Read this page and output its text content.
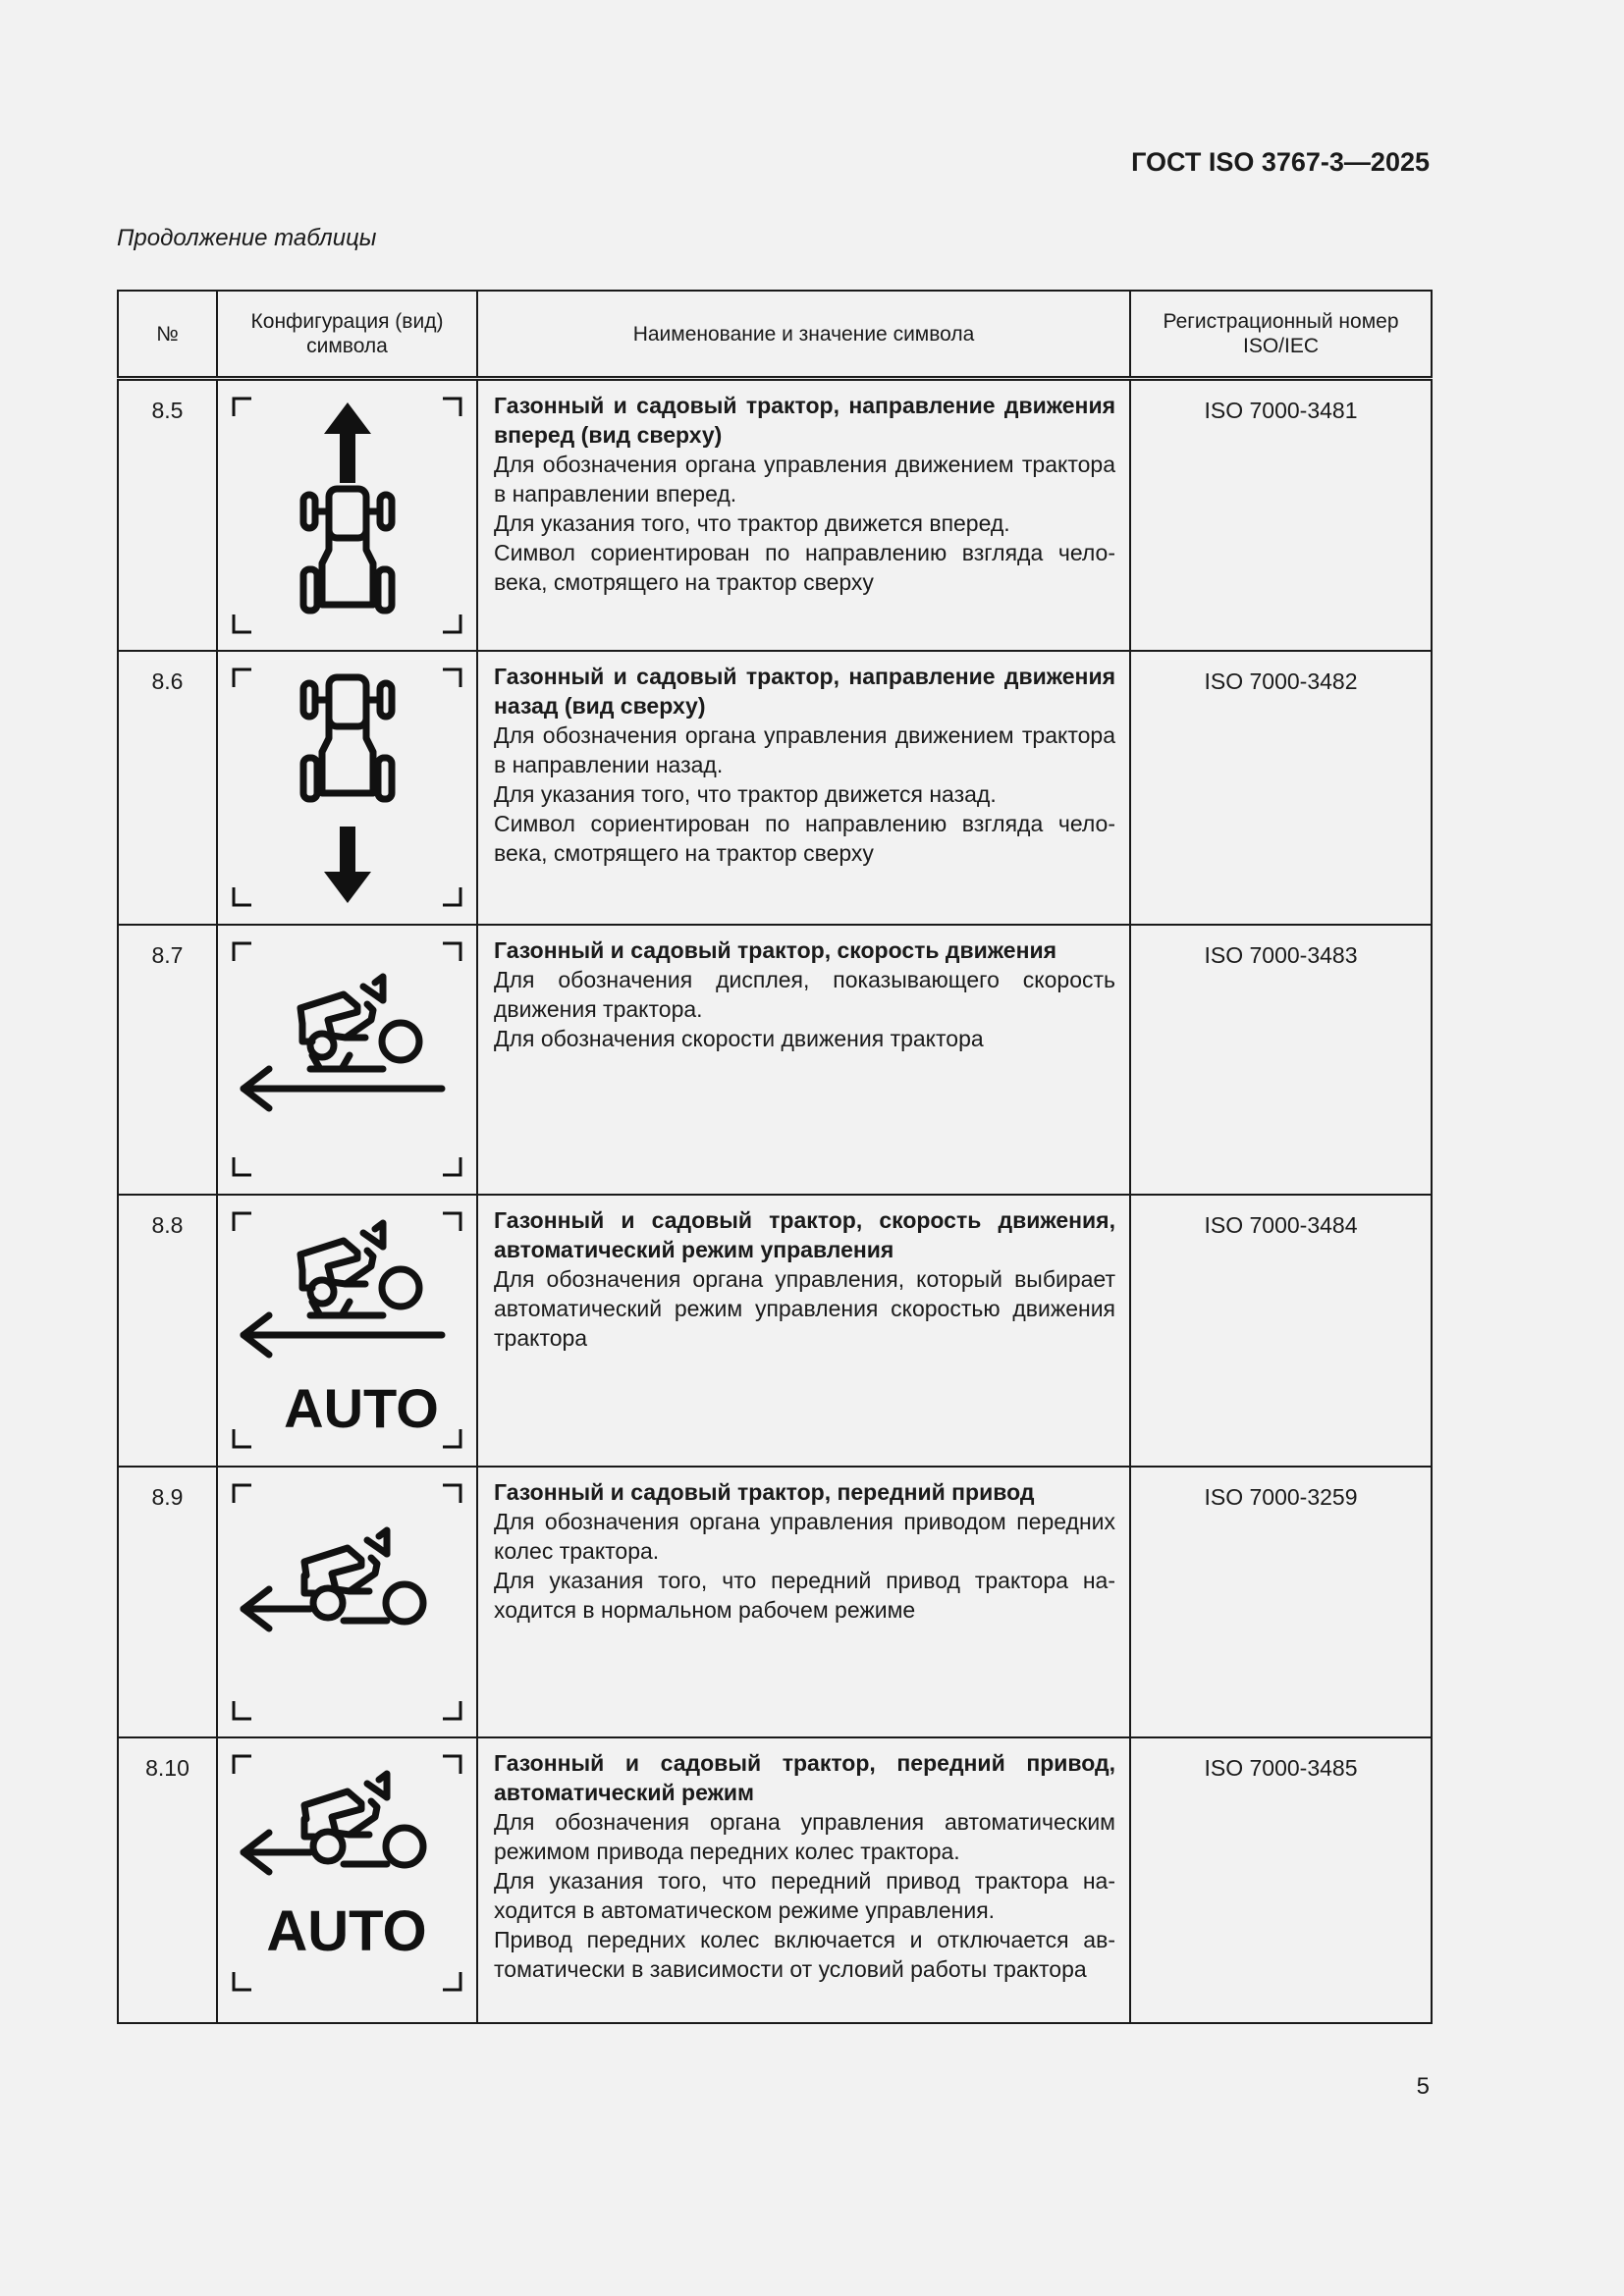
ГОСТ ISO 3767-3—2025
Продолжение таблицы
№	Конфигурация (вид) символа	Наименование и значение символа	Регистрационный номер ISO/IEC
8.5		Газонный и садовый трактор, направление движения вперед (вид сверху)

Для обозначения органа управления движением трактора в направлении вперед.

Для указания того, что трактор движется вперед.

Символ сориентирован по направлению взгляда человека, смотрящего на трактор сверху	ISO 7000-3481
8.6		Газонный и садовый трактор, направление движения назад (вид сверху)

Для обозначения органа управления движением трактора в направлении назад.

Для указания того, что трактор движется назад.

Символ сориентирован по направлению взгляда человека, смотрящего на трактор сверху	ISO 7000-3482
8.7		Газонный и садовый трактор, скорость движения

Для обозначения дисплея, показывающего скорость движения трактора.

Для обозначения скорости движения трактора	ISO 7000-3483
8.8	AUTO	Газонный и садовый трактор, скорость движения, автоматический режим управления

Для обозначения органа управления, который выбирает автоматический режим управления скоростью движения трактора	ISO 7000-3484
8.9		Газонный и садовый трактор, передний привод

Для обозначения органа управления приводом передних колес трактора.

Для указания того, что передний привод трактора находится в нормальном рабочем режиме	ISO 7000-3259
8.10	AUTO	Газонный и садовый трактор, передний привод, автоматический режим

Для обозначения органа управления автоматическим режимом привода передних колес трактора.

Для указания того, что передний привод трактора находится в автоматическом режиме управления.

Привод передних колес включается и отключается автоматически в зависимости от условий работы трактора	ISO 7000-3485
5
